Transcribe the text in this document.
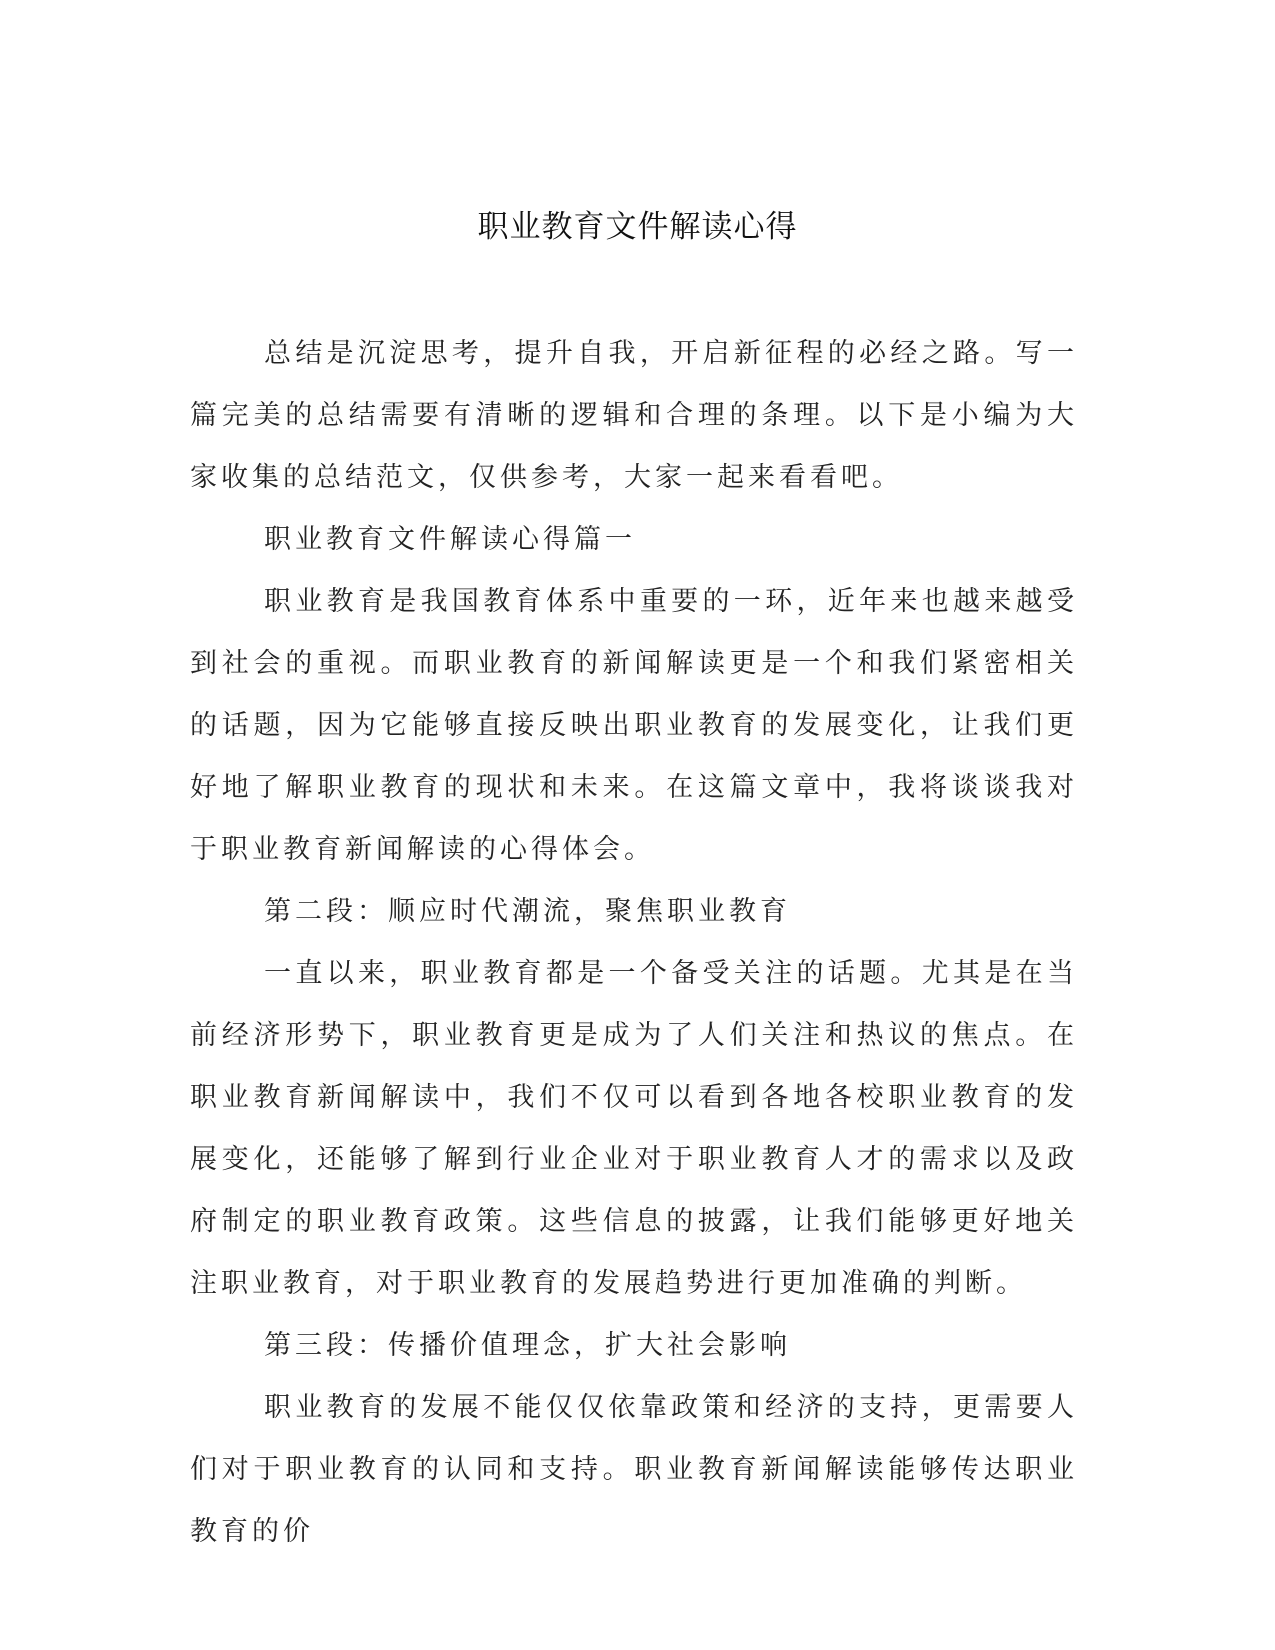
职业教育文件解读心得

总结是沉淀思考，提升自我，开启新征程的必经之路。写一篇完美的总结需要有清晰的逻辑和合理的条理。以下是小编为大家收集的总结范文，仅供参考，大家一起来看看吧。

职业教育文件解读心得篇一

职业教育是我国教育体系中重要的一环，近年来也越来越受到社会的重视。而职业教育的新闻解读更是一个和我们紧密相关的话题，因为它能够直接反映出职业教育的发展变化，让我们更好地了解职业教育的现状和未来。在这篇文章中，我将谈谈我对于职业教育新闻解读的心得体会。

第二段：顺应时代潮流，聚焦职业教育

一直以来，职业教育都是一个备受关注的话题。尤其是在当前经济形势下，职业教育更是成为了人们关注和热议的焦点。在职业教育新闻解读中，我们不仅可以看到各地各校职业教育的发展变化，还能够了解到行业企业对于职业教育人才的需求以及政府制定的职业教育政策。这些信息的披露，让我们能够更好地关注职业教育，对于职业教育的发展趋势进行更加准确的判断。

第三段：传播价值理念，扩大社会影响

职业教育的发展不能仅仅依靠政策和经济的支持，更需要人们对于职业教育的认同和支持。职业教育新闻解读能够传达职业教育的价
